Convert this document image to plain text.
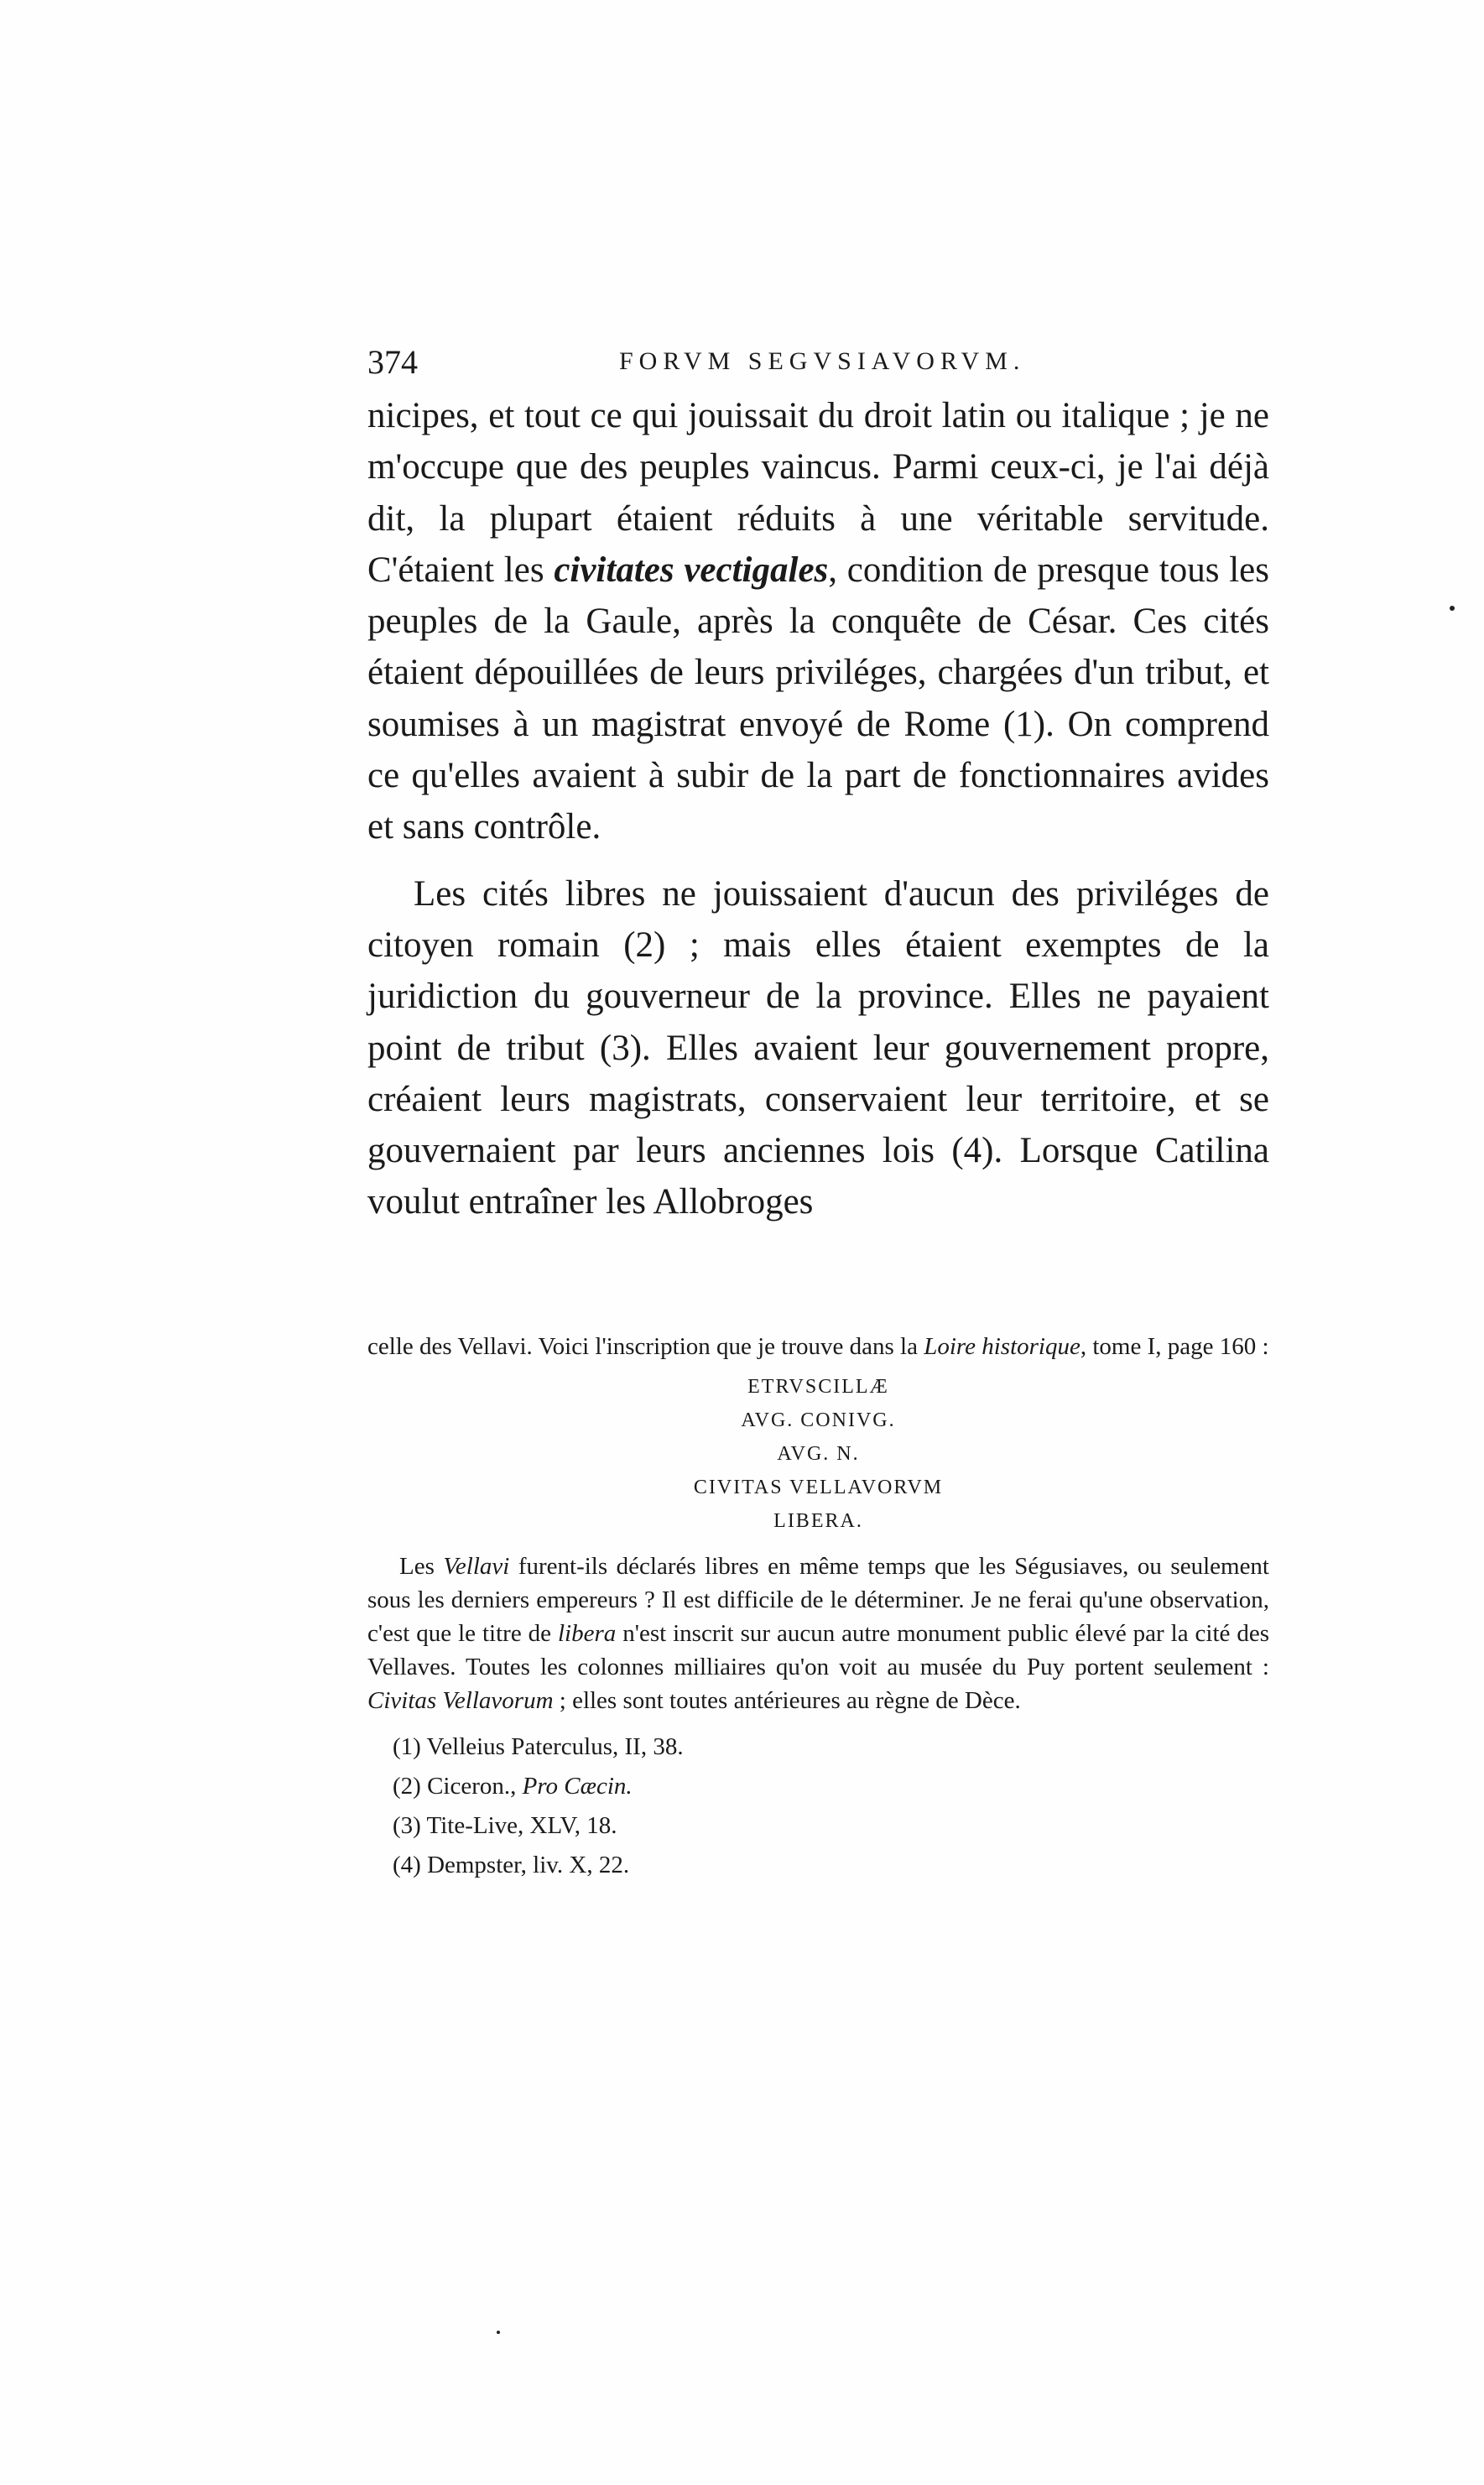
374	FORVM SEGVSIAVORVM.

nicipes, et tout ce qui jouissait du droit latin ou italique ; je ne m'occupe que des peuples vaincus. Parmi ceux-ci, je l'ai déjà dit, la plupart étaient réduits à une véritable servitude. C'étaient les civitates vectigales, condition de presque tous les peuples de la Gaule, après la conquête de César. Ces cités étaient dépouillées de leurs priviléges, chargées d'un tribut, et soumises à un magistrat envoyé de Rome (1). On comprend ce qu'elles avaient à subir de la part de fonctionnaires avides et sans contrôle.

Les cités libres ne jouissaient d'aucun des priviléges de citoyen romain (2) ; mais elles étaient exemptes de la juridiction du gouverneur de la province. Elles ne payaient point de tribut (3). Elles avaient leur gouvernement propre, créaient leurs magistrats, conservaient leur territoire, et se gouvernaient par leurs anciennes lois (4). Lorsque Catilina voulut entraîner les Allobroges

celle des Vellavi. Voici l'inscription que je trouve dans la Loire historique, tome I, page 160 :

ETRVSCILLÆ
AVG. CONIVG.
AVG. N.
CIVITAS VELLAVORVM
LIBERA.

Les Vellavi furent-ils déclarés libres en même temps que les Ségusiaves, ou seulement sous les derniers empereurs ? Il est difficile de le déterminer. Je ne ferai qu'une observation, c'est que le titre de libera n'est inscrit sur aucun autre monument public élevé par la cité des Vellaves. Toutes les colonnes milliaires qu'on voit au musée du Puy portent seulement : Civitas Vellavorum ; elles sont toutes antérieures au règne de Dèce.

(1) Velleius Paterculus, II, 38.

(2) Ciceron., Pro Cæcin.

(3) Tite-Live, XLV, 18.

(4) Dempster, liv. X, 22.
